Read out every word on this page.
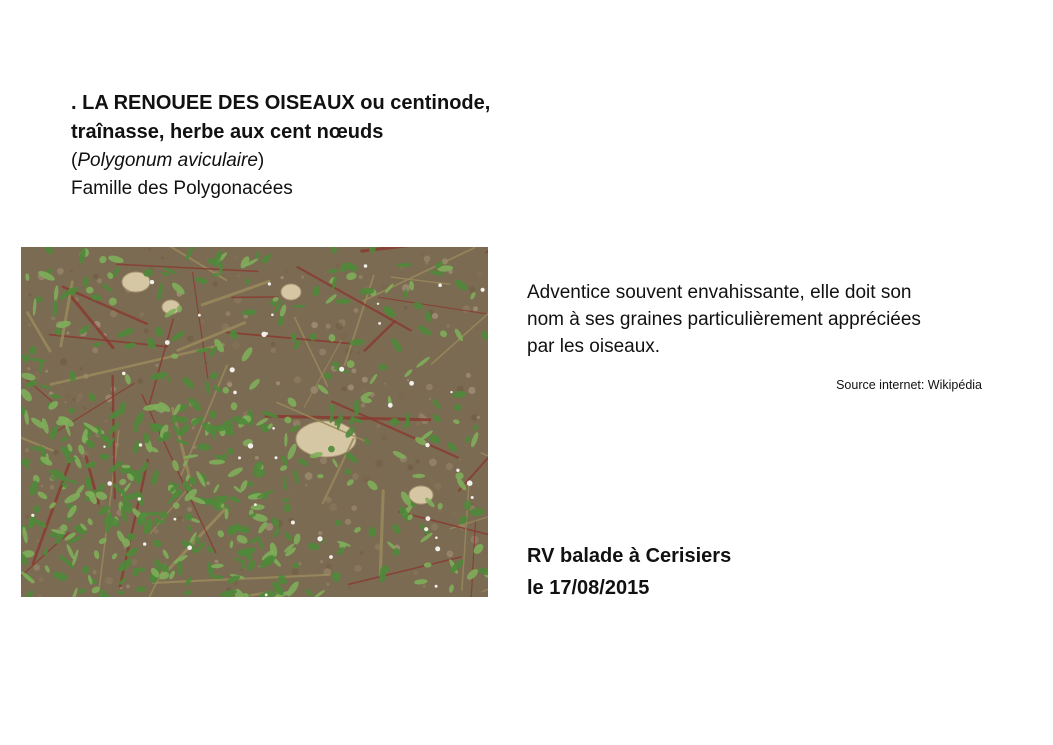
. LA RENOUEE DES OISEAUX ou centinode,
traînasse, herbe aux cent nœuds
(Polygonum aviculaire)
Famille des Polygonacées
Adventice souvent envahissante, elle doit son
nom à ses graines particulièrement appréciées
par les oiseaux.
Source internet: Wikipédia
RV balade à Cerisiers
le 17/08/2015
